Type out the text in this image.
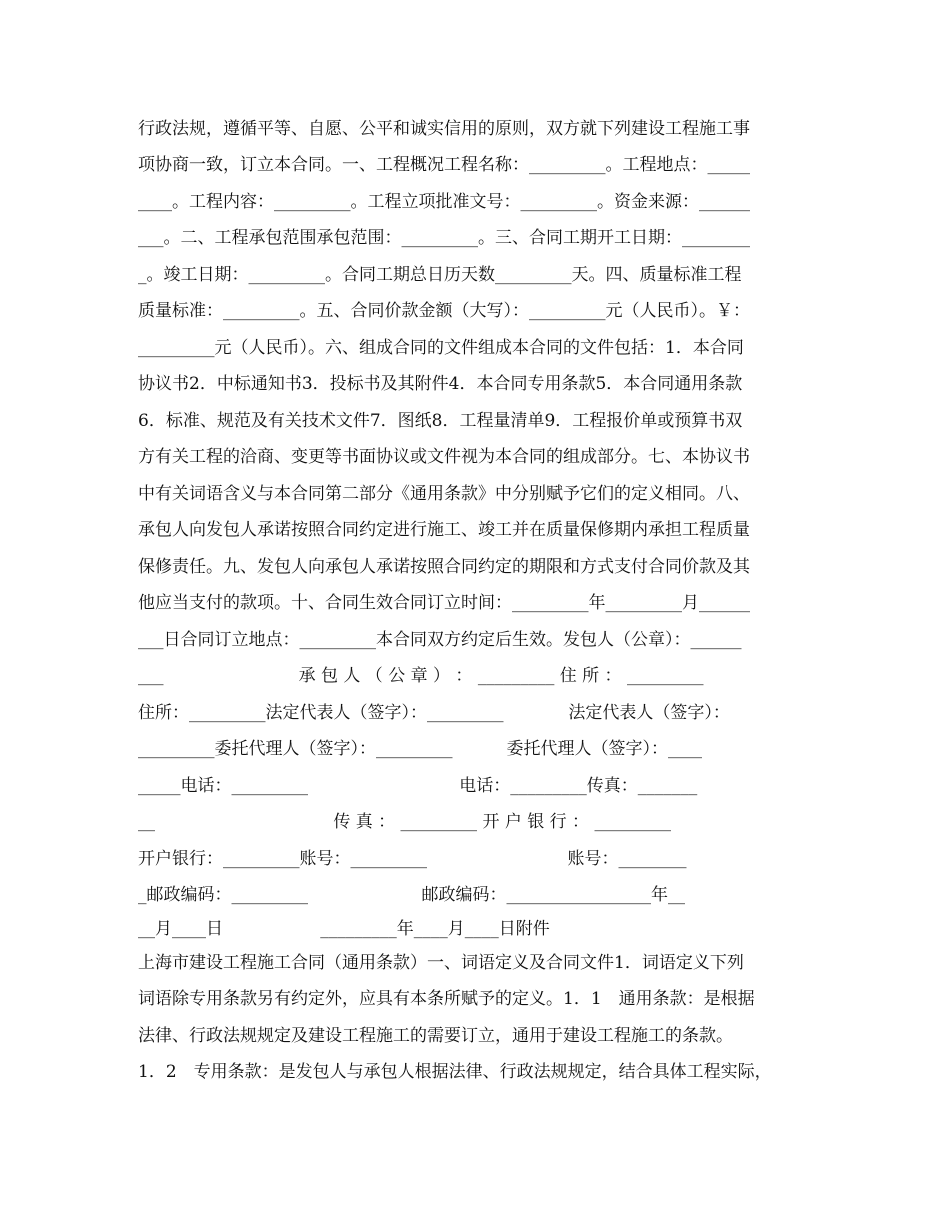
行政法规，遵循平等、自愿、公平和诚实信用的原则，双方就下列建设工程施工事
项协商一致，订立本合同。一、工程概况工程名称：_________。工程地点：_____
____。工程内容：_________。工程立项批准文号：_________。资金来源：______
___。二、工程承包范围承包范围：_________。三、合同工期开工日期：________
_。竣工日期：_________。合同工期总日历天数_________天。四、质量标准工程
质量标准：_________。五、合同价款金额（大写）：_________元（人民币）。￥：
_________元（人民币）。六、组成合同的文件组成本合同的文件包括：1．本合同
协议书2．中标通知书3．投标书及其附件4．本合同专用条款5．本合同通用条款
6．标准、规范及有关技术文件7．图纸8．工程量清单9．工程报价单或预算书双
方有关工程的洽商、变更等书面协议或文件视为本合同的组成部分。七、本协议书
中有关词语含义与本合同第二部分《通用条款》中分别赋予它们的定义相同。八、
承包人向发包人承诺按照合同约定进行施工、竣工并在质量保修期内承担工程质量
保修责任。九、发包人向承包人承诺按照合同约定的期限和方式支付合同价款及其
他应当支付的款项。十、合同生效合同订立时间：_________年_________月______
___日合同订立地点：_________本合同双方约定后生效。发包人（公章）：______
___                         承 包 人 （ 公 章 ） ： _________ 住 所 ： _________
住所：_________法定代表人（签字）：_________            法定代表人（签字）：
_________委托代理人（签字）：_________          委托代理人（签字）：____
_____电话：_________                            电话：_________传真：_______
__                                 传 真 ： _________ 开 户 银 行 ： _________
开户银行：_________账号：_________                          账号：________
_邮政编码：_________                     邮政编码：_________________年__
__月____日                  _________年____月____日附件
上海市建设工程施工合同（通用条款）一、词语定义及合同文件1．词语定义下列
词语除专用条款另有约定外，应具有本条所赋予的定义。1．1　通用条款：是根据
法律、行政法规规定及建设工程施工的需要订立，通用于建设工程施工的条款。
1．2　专用条款：是发包人与承包人根据法律、行政法规规定，结合具体工程实际，
